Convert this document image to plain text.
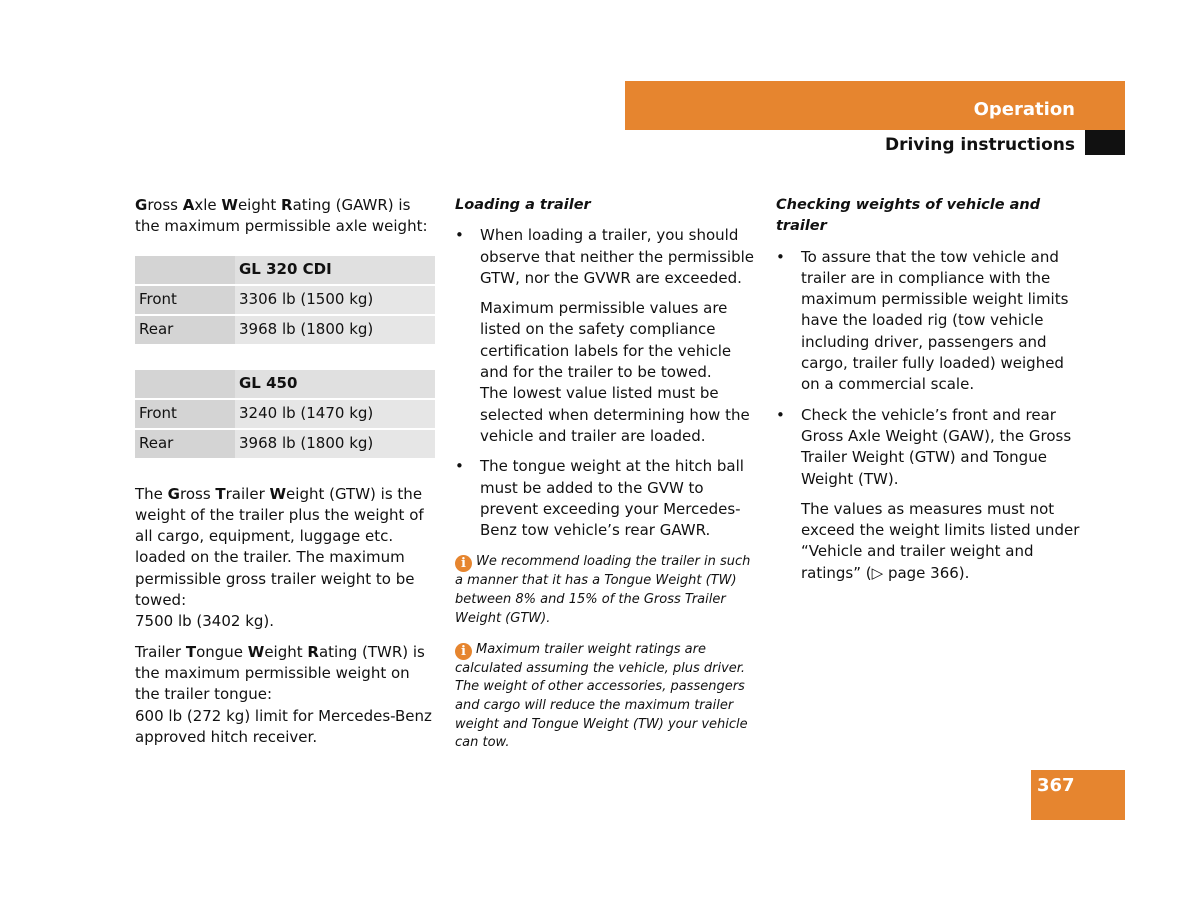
Operation
Driving instructions

Gross Axle Weight Rating (GAWR) is the maximum permissible axle weight:

	GL 320 CDI
Front	3306 lb (1500 kg)
Rear	3968 lb (1800 kg)
	GL 450
Front	3240 lb (1470 kg)
Rear	3968 lb (1800 kg)

The Gross Trailer Weight (GTW) is the weight of the trailer plus the weight of all cargo, equipment, luggage etc. loaded on the trailer. The maximum permissible gross trailer weight to be towed:
7500 lb (3402 kg).

Trailer Tongue Weight Rating (TWR) is the maximum permissible weight on the trailer tongue:
600 lb (272 kg) limit for Mercedes-Benz approved hitch receiver.

Loading a trailer
• When loading a trailer, you should observe that neither the permissible GTW, nor the GVWR are exceeded.
Maximum permissible values are listed on the safety compliance certification labels for the vehicle and for the trailer to be towed.
The lowest value listed must be selected when determining how the vehicle and trailer are loaded.
• The tongue weight at the hitch ball must be added to the GVW to prevent exceeding your Mercedes-Benz tow vehicle’s rear GAWR.
i We recommend loading the trailer in such a manner that it has a Tongue Weight (TW) between 8% and 15% of the Gross Trailer Weight (GTW).
i Maximum trailer weight ratings are calculated assuming the vehicle, plus driver. The weight of other accessories, passengers and cargo will reduce the maximum trailer weight and Tongue Weight (TW) your vehicle can tow.
Checking weights of vehicle and trailer
• To assure that the tow vehicle and trailer are in compliance with the maximum permissible weight limits have the loaded rig (tow vehicle including driver, passengers and cargo, trailer fully loaded) weighed on a commercial scale.
• Check the vehicle’s front and rear Gross Axle Weight (GAW), the Gross Trailer Weight (GTW) and Tongue Weight (TW).
The values as measures must not exceed the weight limits listed under “Vehicle and trailer weight and ratings” (▷ page 366).
367
